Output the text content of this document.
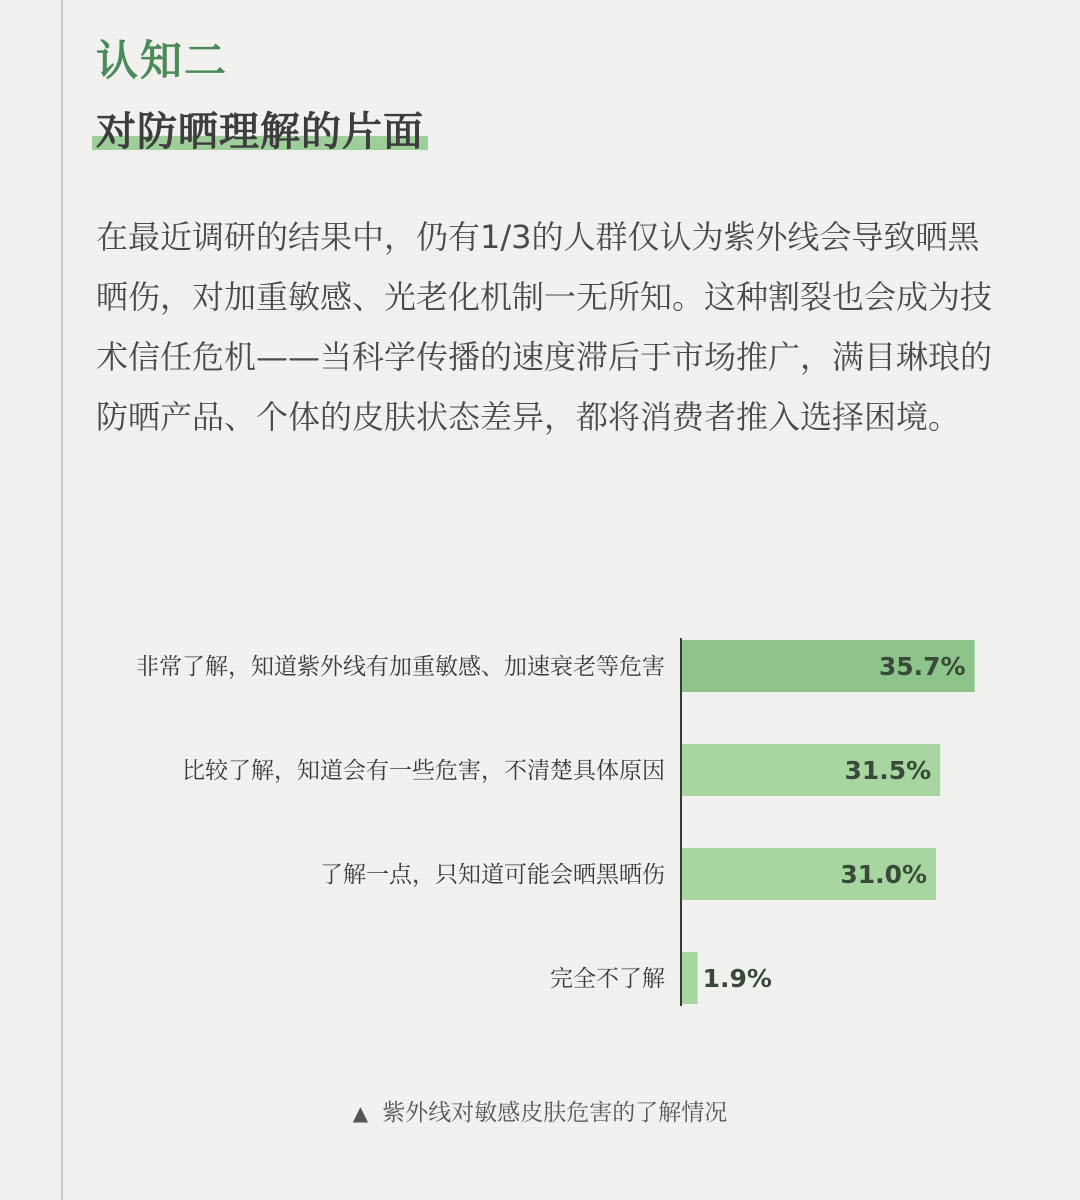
认知二
对防晒理解的片面
在最近调研的结果中，仍有1/3的人群仅认为紫外线会导致晒黑晒伤，对加重敏感、光老化机制一无所知。这种割裂也会成为技术信任危机——当科学传播的速度滞后于市场推广，满目琳琅的防晒产品、个体的皮肤状态差异，都将消费者推入选择困境。
非常了解，知道紫外线有加重敏感、加速衰老等危害	35.7%
比较了解，知道会有一些危害，不清楚具体原因	31.5%
了解一点，只知道可能会晒黑晒伤	31.0%
完全不了解 1.9%
▲ 紫外线对敏感皮肤危害的了解情况
